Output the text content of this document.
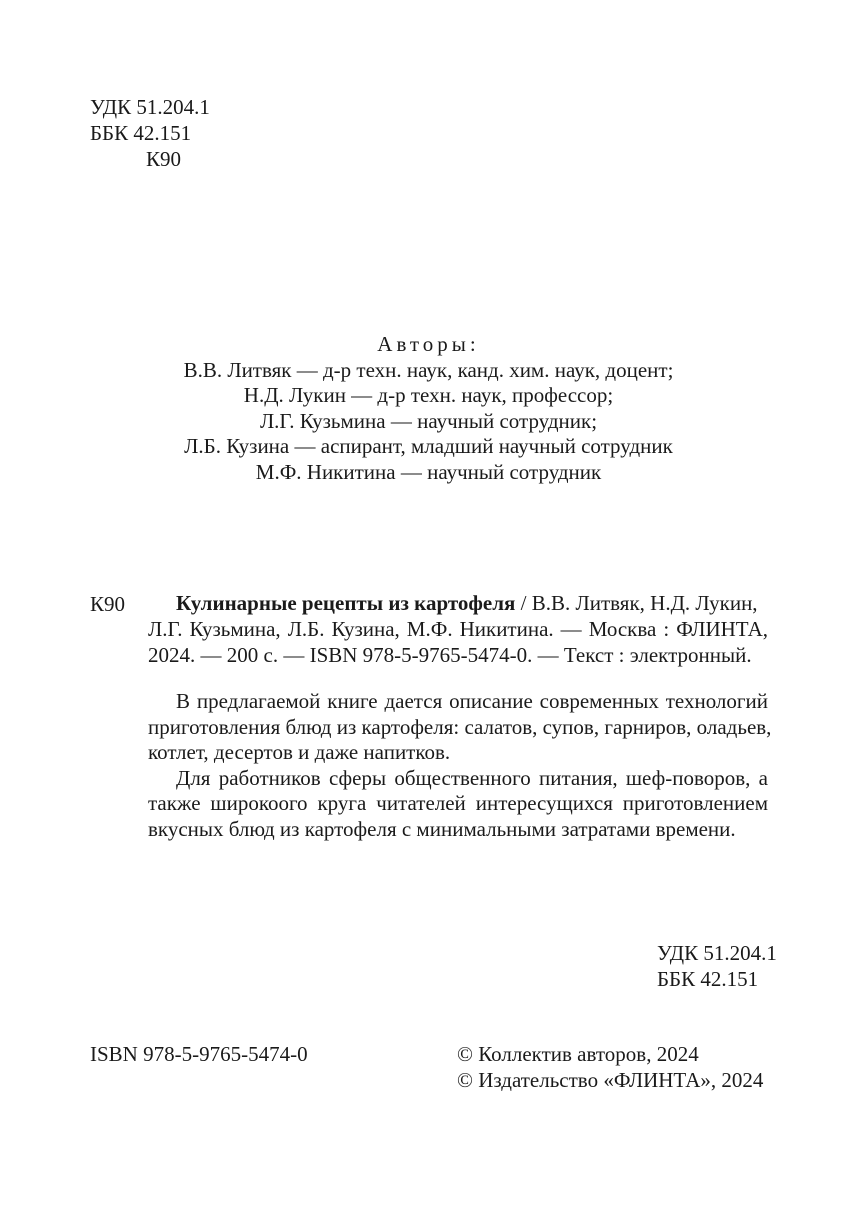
УДК 51.204.1
ББК 42.151
К90
Авторы:
В.В. Литвяк — д-р техн. наук, канд. хим. наук, доцент;
Н.Д. Лукин — д-р техн. наук, профессор;
Л.Г. Кузьмина — научный сотрудник;
Л.Б. Кузина — аспирант, младший научный сотрудник
М.Ф. Никитина — научный сотрудник
К90 Кулинарные рецепты из картофеля / В.В. Литвяк, Н.Д. Лукин,
Л.Г. Кузьмина, Л.Б. Кузина, М.Ф. Никитина. — Москва : ФЛИНТА,
2024. — 200 с. — ISBN 978-5-9765-5474-0. — Текст : электронный.
В предлагаемой книге дается описание современных технологий
приготовления блюд из картофеля: салатов, супов, гарниров, оладьев,
котлет, десертов и даже напитков.
Для работников сферы общественного питания, шеф-поворов, а
также широкоого круга читателей интересущихся приготовлением
вкусных блюд из картофеля с минимальными затратами времени.
УДК 51.204.1
ББК 42.151
ISBN 978-5-9765-5474-0	© Коллектив авторов, 2024
© Издательство «ФЛИНТА», 2024
